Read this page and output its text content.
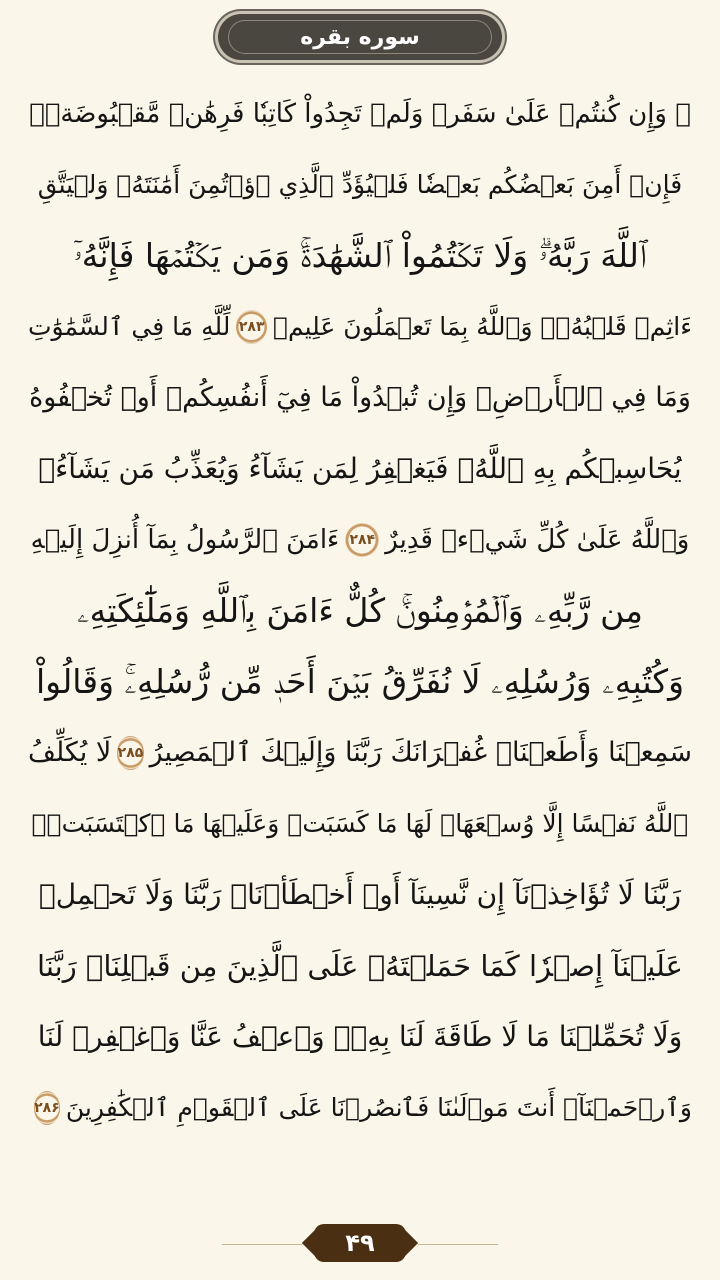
سوره بقره
۞ وَإِن كُنتُمۡ عَلَىٰ سَفَرٖ وَلَمۡ تَجِدُواْ كَاتِبٗا فَرِهَٰنٞ مَّقۡبُوضَةٞۖ
فَإِنۡ أَمِنَ بَعۡضُكُم بَعۡضٗا فَلۡيُؤَدِّ ٱلَّذِي ٱؤۡتُمِنَ أَمَٰنَتَهُۥ وَلۡيَتَّقِ
ٱللَّهَ رَبَّهُۥۗ وَلَا تَكۡتُمُواْ ٱلشَّهَٰدَةَۚ وَمَن يَكۡتُمۡهَا فَإِنَّهُۥٓ
ءَاثِمٞ قَلۡبُهُۥۗ وَٱللَّهُ بِمَا تَعۡمَلُونَ عَلِيمٞ
۲۸۳
لِّلَّهِ مَا فِي ٱلسَّمَٰوَٰتِ
وَمَا فِي ٱلۡأَرۡضِۗ وَإِن تُبۡدُواْ مَا فِيٓ أَنفُسِكُمۡ أَوۡ تُخۡفُوهُ
يُحَاسِبۡكُم بِهِ ٱللَّهُۖ فَيَغۡفِرُ لِمَن يَشَآءُ وَيُعَذِّبُ مَن يَشَآءُۗ
وَٱللَّهُ عَلَىٰ كُلِّ شَيۡءٖ قَدِيرٌ
۲۸۴
ءَامَنَ ٱلرَّسُولُ بِمَآ أُنزِلَ إِلَيۡهِ
مِن رَّبِّهِۦ وَٱلۡمُؤۡمِنُونَۚ كُلٌّ ءَامَنَ بِٱللَّهِ وَمَلَٰٓئِكَتِهِۦ
وَكُتُبِهِۦ وَرُسُلِهِۦ لَا نُفَرِّقُ بَيۡنَ أَحَدٖ مِّن رُّسُلِهِۦۚ وَقَالُواْ
سَمِعۡنَا وَأَطَعۡنَاۖ غُفۡرَانَكَ رَبَّنَا وَإِلَيۡكَ ٱلۡمَصِيرُ
۲۸۵
لَا يُكَلِّفُ
ٱللَّهُ نَفۡسًا إِلَّا وُسۡعَهَاۚ لَهَا مَا كَسَبَتۡ وَعَلَيۡهَا مَا ٱكۡتَسَبَتۡۗ
رَبَّنَا لَا تُؤَاخِذۡنَآ إِن نَّسِينَآ أَوۡ أَخۡطَأۡنَاۚ رَبَّنَا وَلَا تَحۡمِلۡ
عَلَيۡنَآ إِصۡرٗا كَمَا حَمَلۡتَهُۥ عَلَى ٱلَّذِينَ مِن قَبۡلِنَاۚ رَبَّنَا
وَلَا تُحَمِّلۡنَا مَا لَا طَاقَةَ لَنَا بِهِۦۖ وَٱعۡفُ عَنَّا وَٱغۡفِرۡ لَنَا
وَٱرۡحَمۡنَآۚ أَنتَ مَوۡلَىٰنَا فَٱنصُرۡنَا عَلَى ٱلۡقَوۡمِ ٱلۡكَٰفِرِينَ
۲۸۶
۴۹
